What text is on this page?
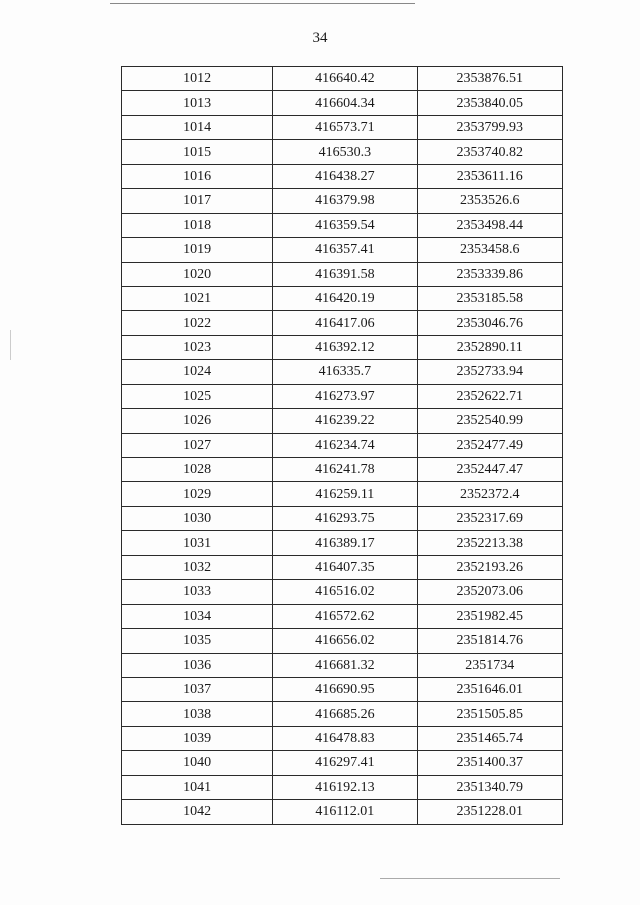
34
1012	416640.42	2353876.51
1013	416604.34	2353840.05
1014	416573.71	2353799.93
1015	416530.3	2353740.82
1016	416438.27	2353611.16
1017	416379.98	2353526.6
1018	416359.54	2353498.44
1019	416357.41	2353458.6
1020	416391.58	2353339.86
1021	416420.19	2353185.58
1022	416417.06	2353046.76
1023	416392.12	2352890.11
1024	416335.7	2352733.94
1025	416273.97	2352622.71
1026	416239.22	2352540.99
1027	416234.74	2352477.49
1028	416241.78	2352447.47
1029	416259.11	2352372.4
1030	416293.75	2352317.69
1031	416389.17	2352213.38
1032	416407.35	2352193.26
1033	416516.02	2352073.06
1034	416572.62	2351982.45
1035	416656.02	2351814.76
1036	416681.32	2351734
1037	416690.95	2351646.01
1038	416685.26	2351505.85
1039	416478.83	2351465.74
1040	416297.41	2351400.37
1041	416192.13	2351340.79
1042	416112.01	2351228.01
